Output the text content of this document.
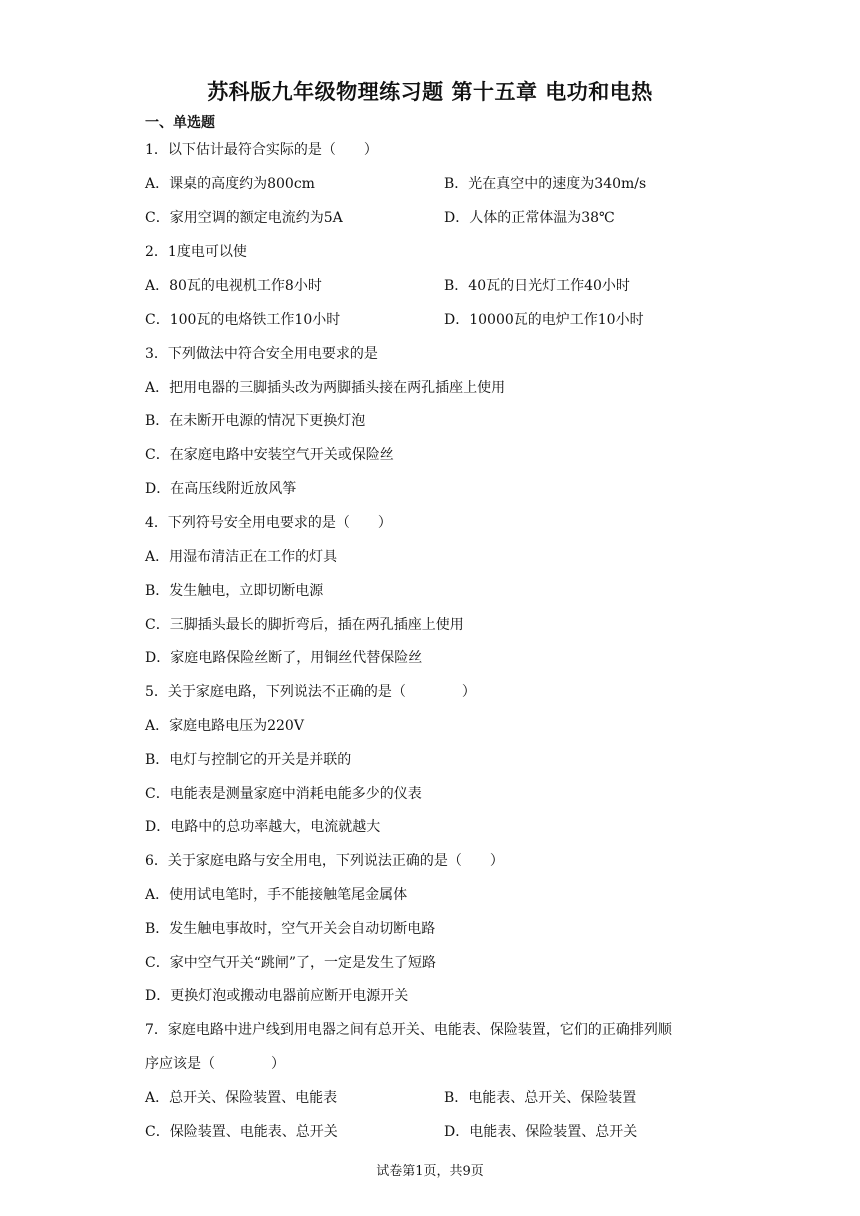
苏科版九年级物理练习题 第十五章 电功和电热
一、单选题
1．以下估计最符合实际的是（　　）
A．课桌的高度约为800cm	B．光在真空中的速度为340m/s
C．家用空调的额定电流约为5A	D．人体的正常体温为38℃
2．1度电可以使
A．80瓦的电视机工作8小时	B．40瓦的日光灯工作40小时
C．100瓦的电烙铁工作10小时	D．10000瓦的电炉工作10小时
3．下列做法中符合安全用电要求的是
A．把用电器的三脚插头改为两脚插头接在两孔插座上使用
B．在未断开电源的情况下更换灯泡
C．在家庭电路中安装空气开关或保险丝
D．在高压线附近放风筝
4．下列符号安全用电要求的是（　　）
A．用湿布清洁正在工作的灯具
B．发生触电，立即切断电源
C．三脚插头最长的脚折弯后，插在两孔插座上使用
D．家庭电路保险丝断了，用铜丝代替保险丝
5．关于家庭电路，下列说法不正确的是（　　　　）
A．家庭电路电压为220V
B．电灯与控制它的开关是并联的
C．电能表是测量家庭中消耗电能多少的仪表
D．电路中的总功率越大，电流就越大
6．关于家庭电路与安全用电，下列说法正确的是（　　）
A．使用试电笔时，手不能接触笔尾金属体
B．发生触电事故时，空气开关会自动切断电路
C．家中空气开关“跳闸”了，一定是发生了短路
D．更换灯泡或搬动电器前应断开电源开关
7．家庭电路中进户线到用电器之间有总开关、电能表、保险装置，它们的正确排列顺
序应该是（　　　　）
A．总开关、保险装置、电能表	B．电能表、总开关、保险装置
C．保险装置、电能表、总开关	D．电能表、保险装置、总开关
试卷第1页，共9页
